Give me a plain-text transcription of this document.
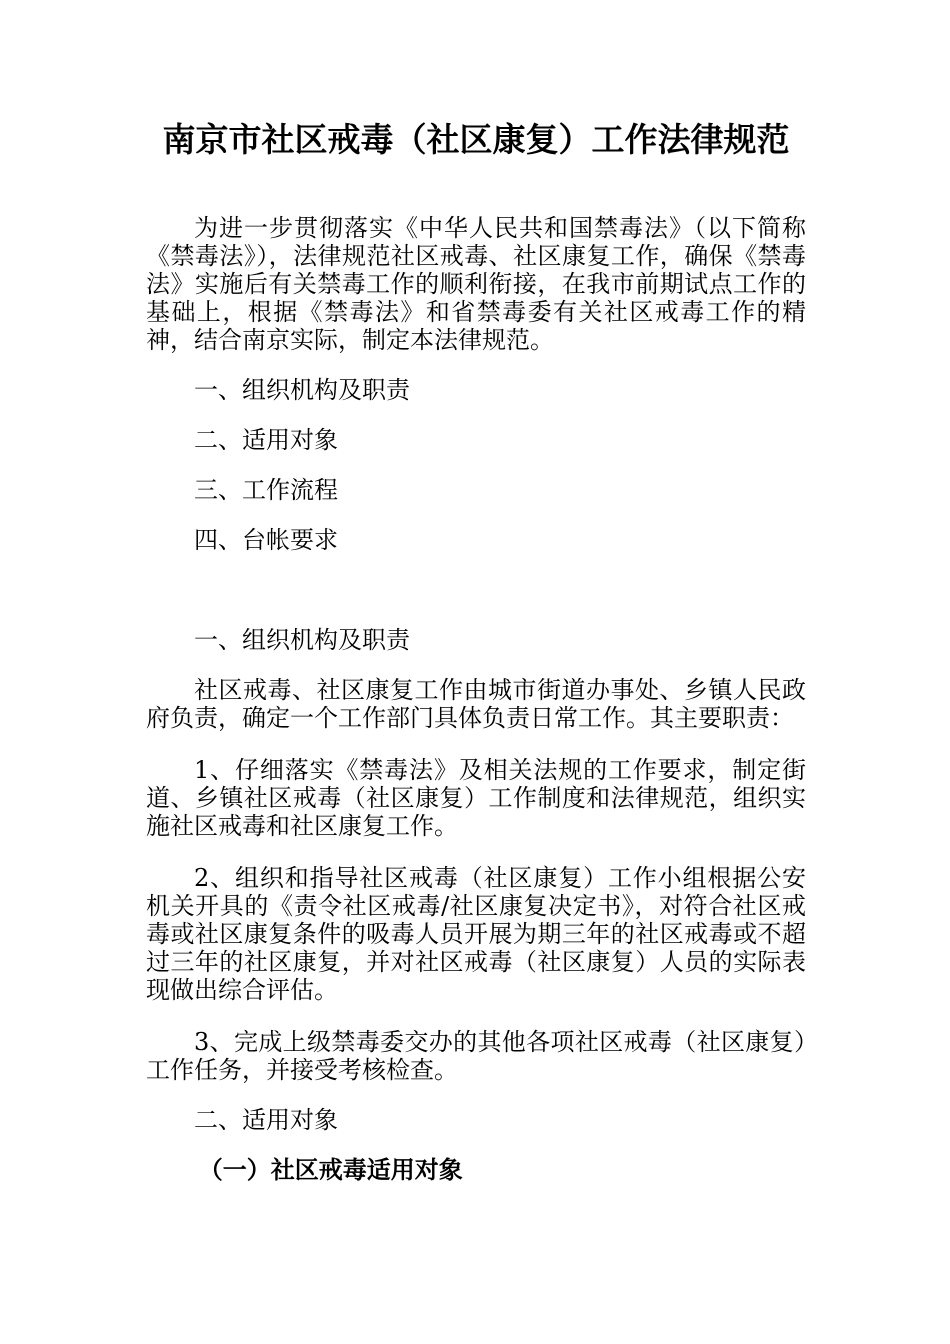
南京市社区戒毒（社区康复）工作法律规范

为进一步贯彻落实《中华人民共和国禁毒法》（以下简称《禁毒法》），法律规范社区戒毒、社区康复工作，确保《禁毒法》实施后有关禁毒工作的顺利衔接，在我市前期试点工作的基础上，根据《禁毒法》和省禁毒委有关社区戒毒工作的精神，结合南京实际，制定本法律规范。

一、组织机构及职责

二、适用对象

三、工作流程

四、台帐要求

一、组织机构及职责

社区戒毒、社区康复工作由城市街道办事处、乡镇人民政府负责，确定一个工作部门具体负责日常工作。其主要职责：

1、仔细落实《禁毒法》及相关法规的工作要求，制定街道、乡镇社区戒毒（社区康复）工作制度和法律规范，组织实施社区戒毒和社区康复工作。

2、组织和指导社区戒毒（社区康复）工作小组根据公安机关开具的《责令社区戒毒/社区康复决定书》，对符合社区戒毒或社区康复条件的吸毒人员开展为期三年的社区戒毒或不超过三年的社区康复，并对社区戒毒（社区康复）人员的实际表现做出综合评估。

3、完成上级禁毒委交办的其他各项社区戒毒（社区康复）工作任务，并接受考核检查。

二、适用对象

（一）社区戒毒适用对象
